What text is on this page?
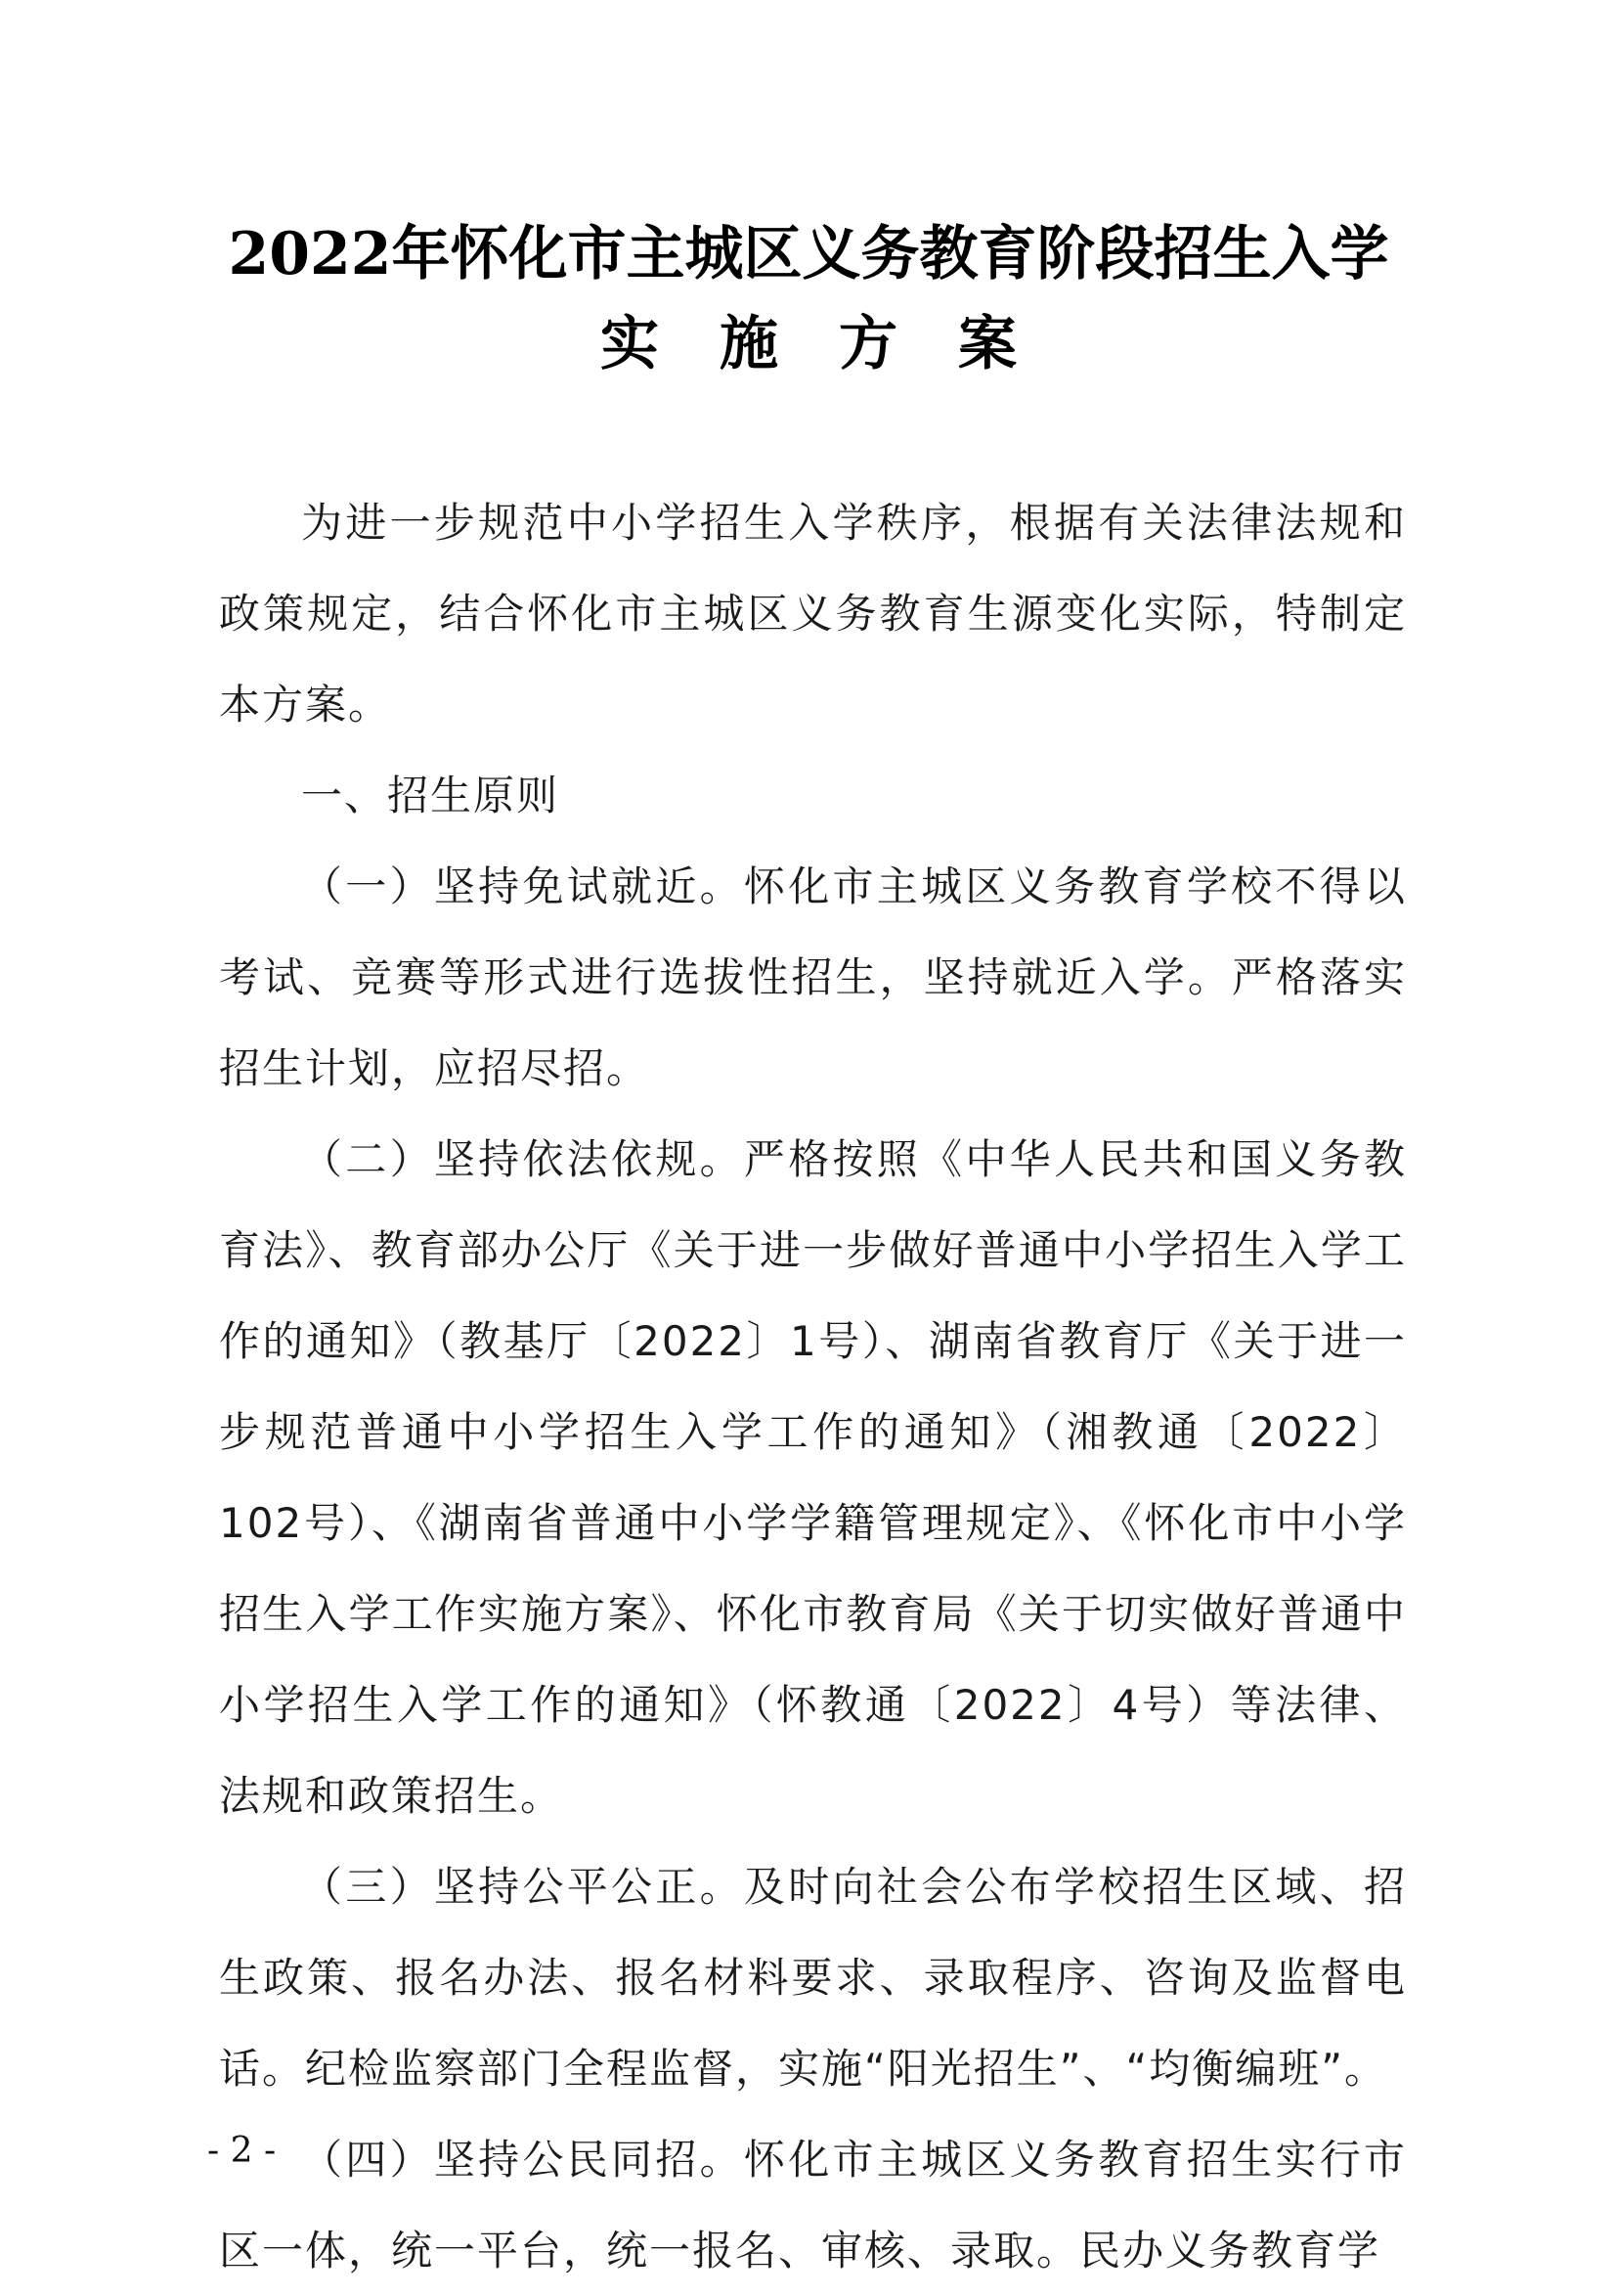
2022年怀化市主城区义务教育阶段招生入学
实施方案

为进一步规范中小学招生入学秩序，根据有关法律法规和政策规定，结合怀化市主城区义务教育生源变化实际，特制定本方案。

一、招生原则

（一）坚持免试就近。怀化市主城区义务教育学校不得以考试、竞赛等形式进行选拔性招生，坚持就近入学。严格落实招生计划，应招尽招。

（二）坚持依法依规。严格按照《中华人民共和国义务教育法》、教育部办公厅《关于进一步做好普通中小学招生入学工作的通知》（教基厅〔2022〕1号）、湖南省教育厅《关于进一步规范普通中小学招生入学工作的通知》（湘教通〔2022〕102号）、《湖南省普通中小学学籍管理规定》、《怀化市中小学招生入学工作实施方案》、怀化市教育局《关于切实做好普通中小学招生入学工作的通知》（怀教通〔2022〕4号）等法律、法规和政策招生。

（三）坚持公平公正。及时向社会公布学校招生区域、招生政策、报名办法、报名材料要求、录取程序、咨询及监督电话。纪检监察部门全程监督，实施“阳光招生”、“均衡编班”。

（四）坚持公民同招。怀化市主城区义务教育招生实行市区一体，统一平台，统一报名、审核、录取。民办义务教育学

- 2 -
